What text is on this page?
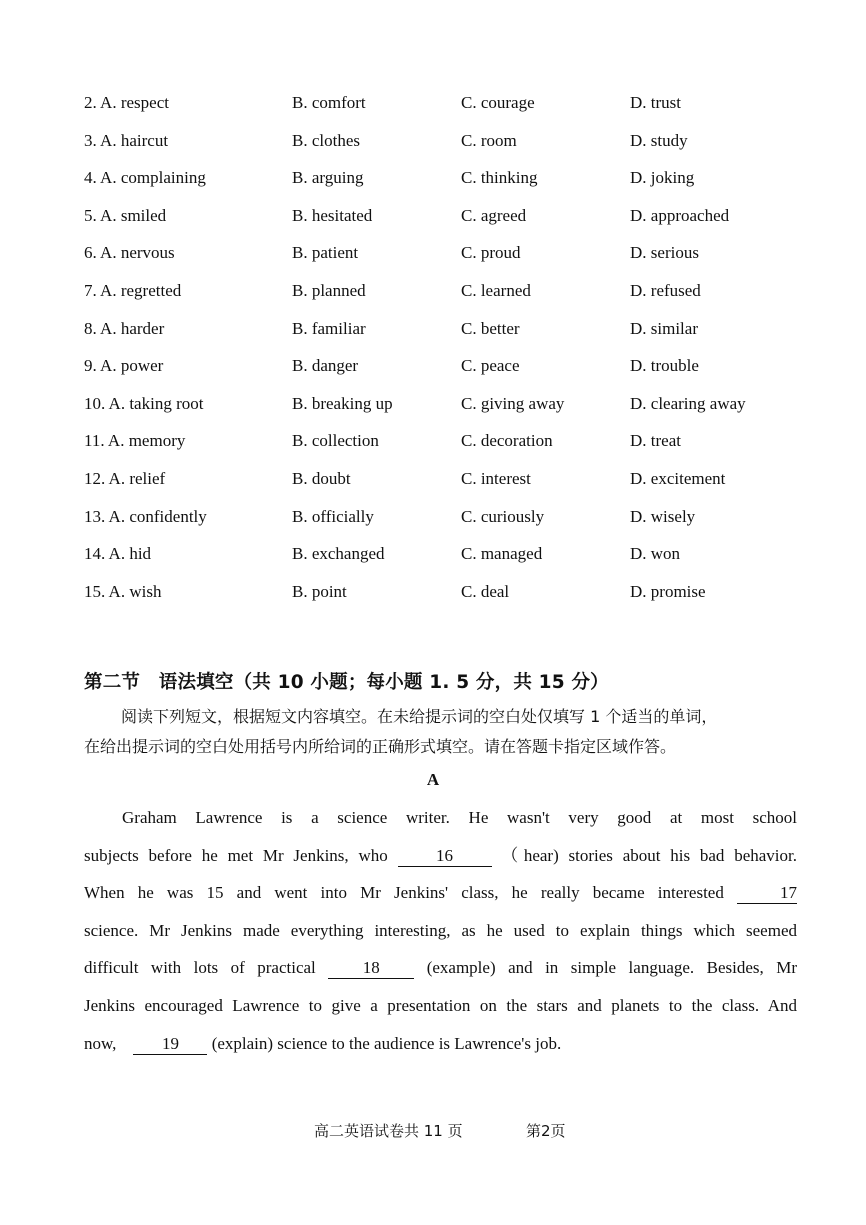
2. A. respect	B. comfort	C. courage	D. trust
3. A. haircut	B. clothes	C. room	D. study
4. A. complaining	B. arguing	C. thinking	D. joking
5. A. smiled	B. hesitated	C. agreed	D. approached
6. A. nervous	B. patient	C. proud	D. serious
7. A. regretted	B. planned	C. learned	D. refused
8. A. harder	B. familiar	C. better	D. similar
9. A. power	B. danger	C. peace	D. trouble
10. A. taking root	B. breaking up	C. giving away	D. clearing away
11. A. memory	B. collection	C. decoration	D. treat
12. A. relief	B. doubt	C. interest	D. excitement
13. A. confidently	B. officially	C. curiously	D. wisely
14. A. hid	B. exchanged	C. managed	D. won
15. A. wish	B. point	C. deal	D. promise
第二节　语法填空（共 10 小题；每小题 1. 5 分，共 15 分）
阅读下列短文，根据短文内容填空。在未给提示词的空白处仅填写 1 个适当的单词，
在给出提示词的空白处用括号内所给词的正确形式填空。请在答题卡指定区域作答。
A
Graham Lawrence is a science writer. He wasn't very good at most school
subjects before he met Mr Jenkins, who 16 （hear) stories about his bad behavior.
When he was 15 and went into Mr Jenkins' class, he really became interested	17
science. Mr Jenkins made everything interesting, as he used to explain things which seemed
difficult with lots of practical 18 (example) and in simple language. Besides, Mr
Jenkins encouraged Lawrence to give a presentation on the stars and planets to the class. And
now,    19 (explain) science to the audience is Lawrence's job.
高二英语试卷共 11 页	第2页
